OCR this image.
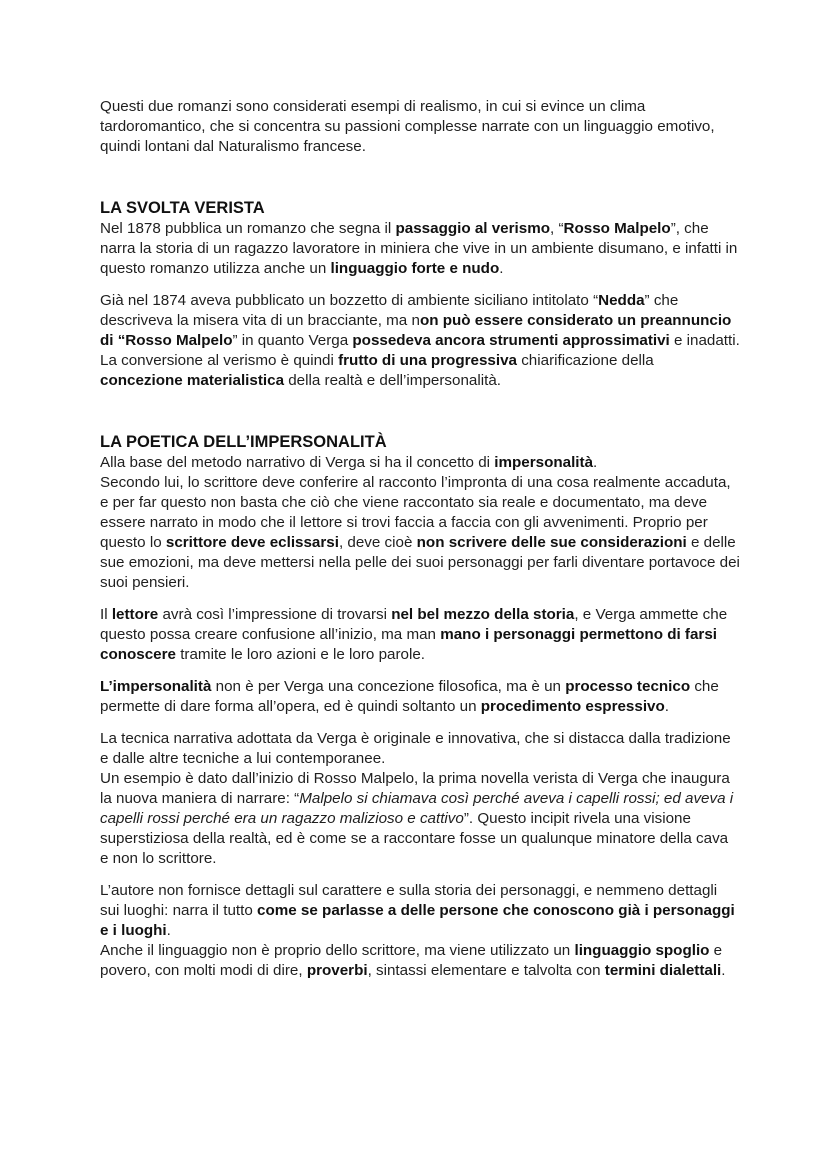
Questi due romanzi sono considerati esempi di realismo, in cui si evince un clima tardoromantico, che si concentra su passioni complesse narrate con un linguaggio emotivo, quindi lontani dal Naturalismo francese.

LA SVOLTA VERISTA

Nel 1878 pubblica un romanzo che segna il passaggio al verismo, “Rosso Malpelo”, che narra la storia di un ragazzo lavoratore in miniera che vive in un ambiente disumano, e infatti in questo romanzo utilizza anche un linguaggio forte e nudo.

Già nel 1874 aveva pubblicato un bozzetto di ambiente siciliano intitolato “Nedda” che descriveva la misera vita di un bracciante, ma non può essere considerato un preannuncio di “Rosso Malpelo” in quanto Verga possedeva ancora strumenti approssimativi e inadatti. La conversione al verismo è quindi frutto di una progressiva chiarificazione della concezione materialistica della realtà e dell’impersonalità.

LA POETICA DELL’IMPERSONALITÀ

Alla base del metodo narrativo di Verga si ha il concetto di impersonalità.

Secondo lui, lo scrittore deve conferire al racconto l’impronta di una cosa realmente accaduta, e per far questo non basta che ciò che viene raccontato sia reale e documentato, ma deve essere narrato in modo che il lettore si trovi faccia a faccia con gli avvenimenti. Proprio per questo lo scrittore deve eclissarsi, deve cioè non scrivere delle sue considerazioni e delle sue emozioni, ma deve mettersi nella pelle dei suoi personaggi per farli diventare portavoce dei suoi pensieri.

Il lettore avrà così l’impressione di trovarsi nel bel mezzo della storia, e Verga ammette che questo possa creare confusione all’inizio, ma man mano i personaggi permettono di farsi conoscere tramite le loro azioni e le loro parole.

L’impersonalità non è per Verga una concezione filosofica, ma è un processo tecnico che permette di dare forma all’opera, ed è quindi soltanto un procedimento espressivo.

La tecnica narrativa adottata da Verga è originale e innovativa, che si distacca dalla tradizione e dalle altre tecniche a lui contemporanee.

Un esempio è dato dall’inizio di Rosso Malpelo, la prima novella verista di Verga che inaugura la nuova maniera di narrare: “Malpelo si chiamava così perché aveva i capelli rossi; ed aveva i capelli rossi perché era un ragazzo malizioso e cattivo”. Questo incipit rivela una visione superstiziosa della realtà, ed è come se a raccontare fosse un qualunque minatore della cava e non lo scrittore.

L’autore non fornisce dettagli sul carattere e sulla storia dei personaggi, e nemmeno dettagli sui luoghi: narra il tutto come se parlasse a delle persone che conoscono già i personaggi e i luoghi.

Anche il linguaggio non è proprio dello scrittore, ma viene utilizzato un linguaggio spoglio e povero, con molti modi di dire, proverbi, sintassi elementare e talvolta con termini dialettali.
